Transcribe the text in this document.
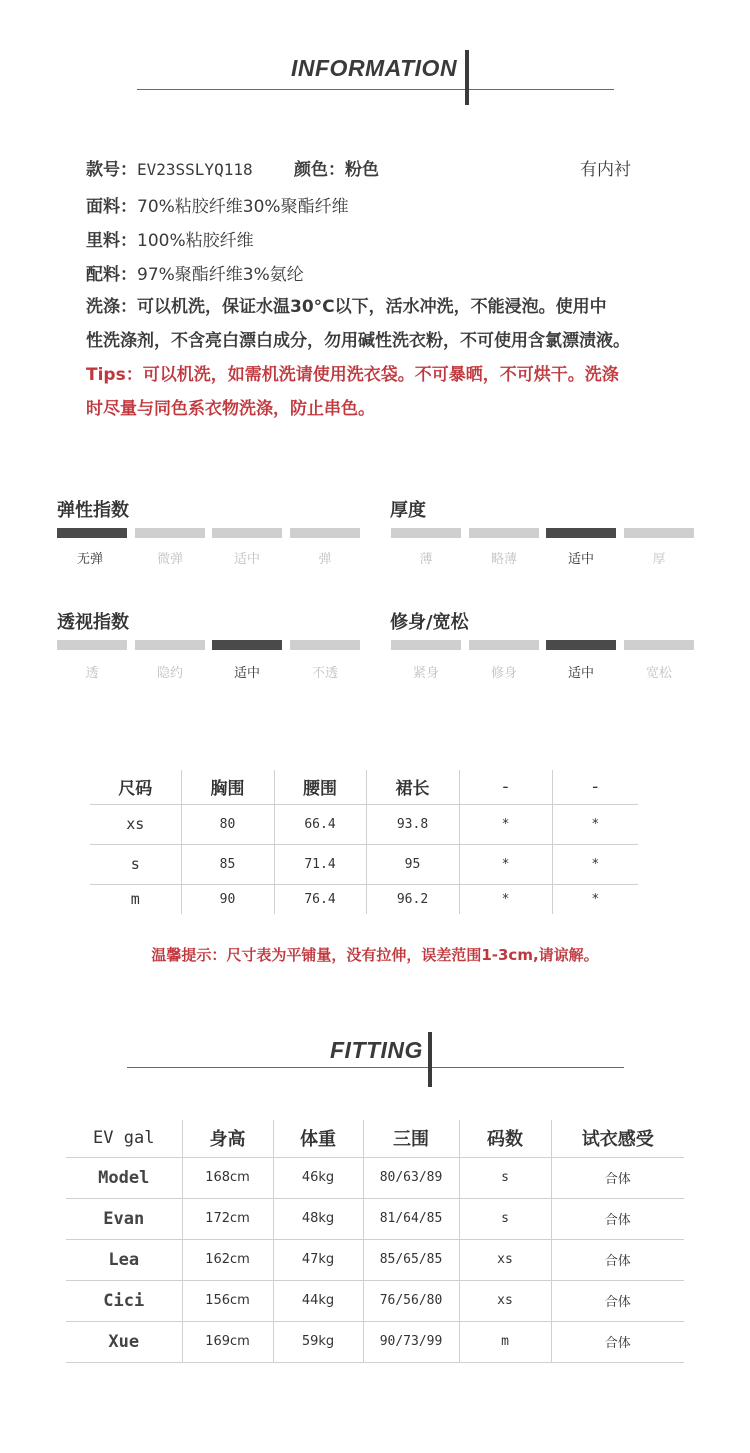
INFORMATION
款号：EV23SSLYQ118 颜色：粉色	有内衬
面料：70%粘胶纤维30%聚酯纤维
里料：100%粘胶纤维
配料：97%聚酯纤维3%氨纶
洗涤：可以机洗，保证水温30°C以下，活水冲洗，不能浸泡。使用中
性洗涤剂，不含亮白漂白成分，勿用碱性洗衣粉，不可使用含氯漂渍液。
Tips：可以机洗，如需机洗请使用洗衣袋。不可暴晒，不可烘干。洗涤
时尽量与同色系衣物洗涤，防止串色。
弹性指数	厚度
透视指数	修身/宽松
无弹	微弹	适中	弹	薄	略薄	适中	厚
透	隐约	适中	不透	紧身	修身	适中	宽松
尺码	胸围	腰围	裙长	-	-
xs	80	66.4	93.8	*	*
s	85	71.4	95	*	*
m	90	76.4	96.2	*	*
温馨提示：尺寸表为平铺量，没有拉伸，误差范围1-3cm,请谅解。
FITTING
EV gal	身高	体重	三围	码数	试衣感受
Model	168cm	46kg	80/63/89	s	合体
Evan	172cm	48kg	81/64/85	s	合体
Lea	162cm	47kg	85/65/85	xs	合体
Cici	156cm	44kg	76/56/80	xs	合体
Xue	169cm	59kg	90/73/99	m	合体
